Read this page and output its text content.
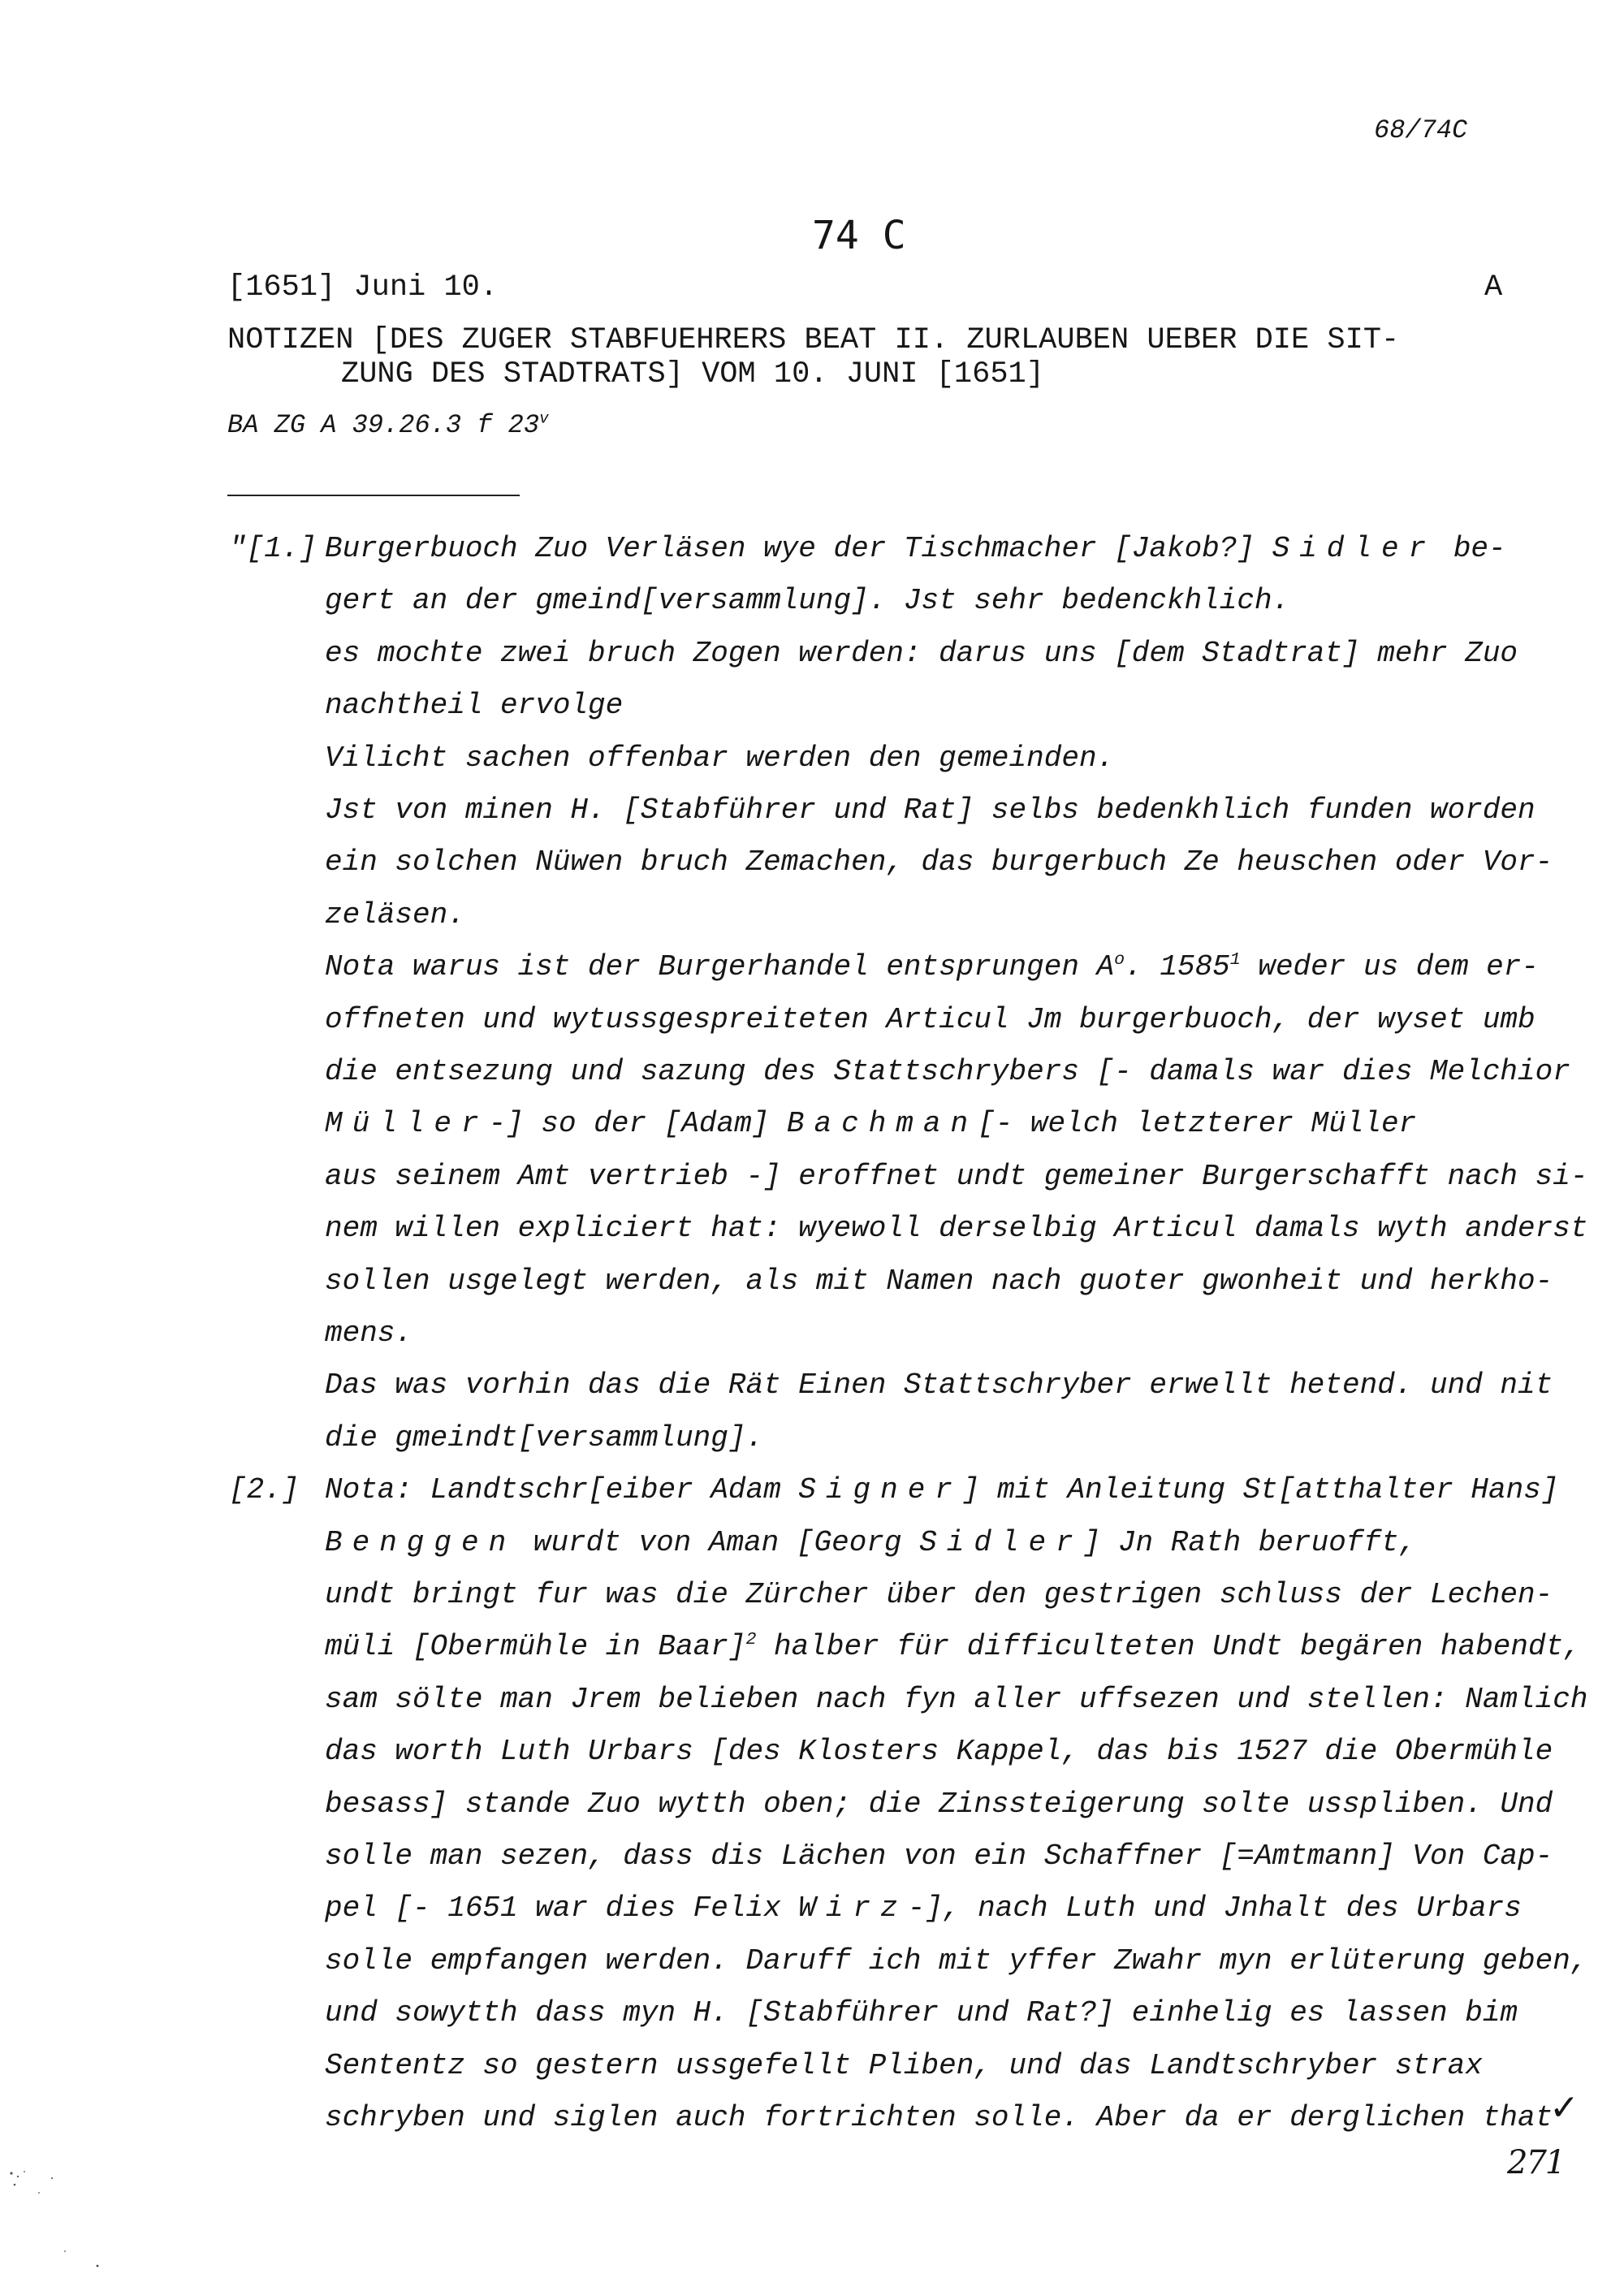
68/74C
74 C
[1651] Juni 10.	A
NOTIZEN [DES ZUGER STABFUEHRERS BEAT II. ZURLAUBEN UEBER DIE SIT-
ZUNG DES STADTRATS] VOM 10. JUNI [1651]
BA ZG A 39.26.3 f 23$^v$
"[1.] Burgerbuoch Zuo Verläsen wye der Tischmacher [Jakob?] Sidler be-
gert an der gmeind[versammlung]. Jst sehr bedenckhlich.
es mochte zwei bruch Zogen werden: darus uns [dem Stadtrat] mehr Zuo
nachtheil ervolge
Vilicht sachen offenbar werden den gemeinden.
Jst von minen H. [Stabführer und Rat] selbs bedenkhlich funden worden
ein solchen Nüwen bruch Zemachen, das burgerbuch Ze heuschen oder Vor-
zeläsen.
Nota warus ist der Burgerhandel entsprungen $A^o$. 1585$^1$ weder us dem er-
offneten und wytussgespreiteten Articul Jm burgerbuoch, der wyset umb
die entsezung und sazung des Stattschrybers [- damals war dies Melchior
Müller-] so der [Adam] Bachman[- welch letzterer Müller
aus seinem Amt vertrieb -] eroffnet undt gemeiner Burgerschafft nach si-
nem willen expliciert hat: wyewoll derselbig Articul damals wyth anderst
sollen usgelegt werden, als mit Namen nach guoter gwonheit und herkho-
mens.
Das was vorhin das die Rät Einen Stattschryber erwellt hetend. und nit
die gmeindt[versammlung].
[2.] Nota: Landtschr[eiber Adam Signer] mit Anleitung St[atthalter Hans]
Benggen wurdt von Aman [Georg Sidler] Jn Rath beruofft,
undt bringt fur was die Zürcher über den gestrigen schluss der Lechen-
müli [Obermühle in Baar]$^2$ halber für difficulteten Undt begären habendt,
sam sölte man Jrem belieben nach fyn aller uffsezen und stellen: Namlich
das worth Luth Urbars [des Klosters Kappel, das bis 1527 die Obermühle
besass] stande Zuo wytth oben; die Zinssteigerung solte usspliben. Und
solle man sezen, dass dis Lächen von ein Schaffner [=Amtmann] Von Cap-
pel [- 1651 war dies Felix Wirz-], nach Luth und Jnhalt des Urbars
solle empfangen werden. Daruff ich mit yffer Zwahr myn erlüterung geben,
und sowytth dass myn H. [Stabführer und Rat?] einhelig es lassen bim
Sententz so gestern ussgefellt Pliben, und das Landtschryber strax
schryben und siglen auch fortrichten solle. Aber da er derglichen that
✓
271
